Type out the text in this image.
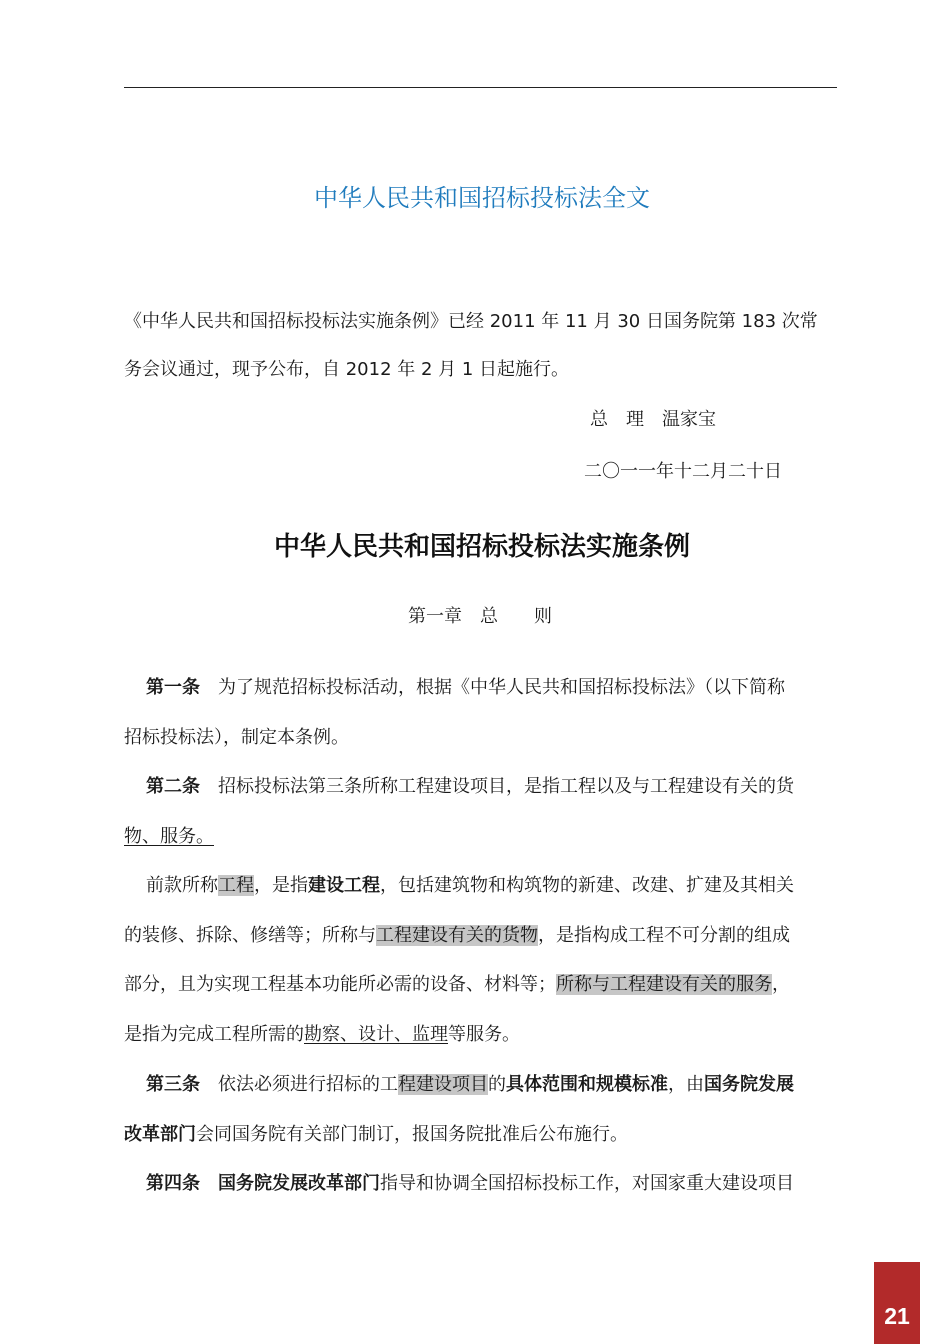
中华人民共和国招标投标法全文
《中华人民共和国招标投标法实施条例》已经 2011 年 11 月 30 日国务院第 183 次常
务会议通过，现予公布，自 2012 年 2 月 1 日起施行。
总　理 温家宝
二〇一一年十二月二十日
中华人民共和国招标投标法实施条例
第一章　总　　则
第一条 为了规范招标投标活动，根据《中华人民共和国招标投标法》（以下简称
招标投标法），制定本条例。
第二条 招标投标法第三条所称工程建设项目，是指工程以及与工程建设有关的货
物、服务。
前款所称工程，是指建设工程，包括建筑物和构筑物的新建、改建、扩建及其相关
的装修、拆除、修缮等；所称与工程建设有关的货物，是指构成工程不可分割的组成
部分，且为实现工程基本功能所必需的设备、材料等；所称与工程建设有关的服务，
是指为完成工程所需的勘察、设计、监理等服务。
第三条 依法必须进行招标的工程建设项目的具体范围和规模标准，由国务院发展
改革部门会同国务院有关部门制订，报国务院批准后公布施行。
第四条 国务院发展改革部门指导和协调全国招标投标工作，对国家重大建设项目
21
